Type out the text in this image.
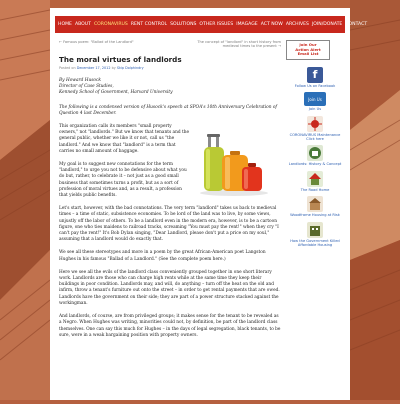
HOME ABOUT CORONAVIRUS RENT CONTROL SOLUTIONS OTHER ISSUES IMAGAGE ACT NOW ARCHIVES JOIN/DONATE CONTACT
← Famous poem: "Ballad of the Landlord"	The concept of "landlord" in short history from medieval times to the present →
The moral virtues of landlords
Posted on December 17, 2012 by Skip Dolphindry
By Howard Husock
Director of Case Studies,
Kennedy School of Government, Harvard University
The following is a condensed version of Husock's speech at SPOA's 10th Anniversary Celebration of Question 4 last December.

This organization calls its members "small property owners," not "landlords." But we know that tenants and the general public, whether we like it or not, call us "the landlord." And we know that "landlord" is a term that carries no small amount of baggage.

My goal is to suggest new connotations for the term "landlord," to urge you not to be defensive about what you do but, rather, to celebrate it – not just as a good small business that sometimes turns a profit, but as a sort of profession of moral virtues and, as a result, a profession that yields public benefits.

Let's start, however, with the bad connotations. The very term "landlord" takes us back to medieval times – a time of static, subsistence economies. To be lord of the land was to live, by some views, unjustly off the labor of others. To be a landlord even in the modern era, however, is to be a cartoon figure, one who ties maidens to railroad tracks, screaming "You must pay the rent!" when they cry "I can't pay the rent!" It's Bob Dylan singing, "Dear Landlord, please don't put a price on my soul," assuming that a landlord would do exactly that.

We see all these stereotypes and more in a poem by the great African-American poet Langston Hughes in his famous "Ballad of a Landlord." (See the complete poem here.)

Here we see all the evils of the landlord class conveniently grouped together in one short literary work. Landlords are those who can charge high rents while at the same time they keep their buildings in poor condition. Landlords may, and will, do anything – turn off the heat on the old and infirm, throw a tenant's furniture out onto the street – in order to get rental payments that are owed. Landlords have the government on their side; they are part of a power structure stacked against the workingman.

And landlords, of course, are from privileged groups; it makes sense for the tenant to be revealed as a Negro. When Hughes was writing, minorities could not, by definition, be part of the landlord class themselves. One can say this much for Hughes – in the days of legal segregation, black tenants, to be sure, were in a weak bargaining position with property owners.

Join Our
Action Alert
Email List
f
Follow Us on Facebook
Join Us
Join Us
CORONAVIRUS Maintenance Click here
Landlords: History & Concept
The Road Home
Woodframe Housing at Risk
How the Government Killed Affordable Housing
